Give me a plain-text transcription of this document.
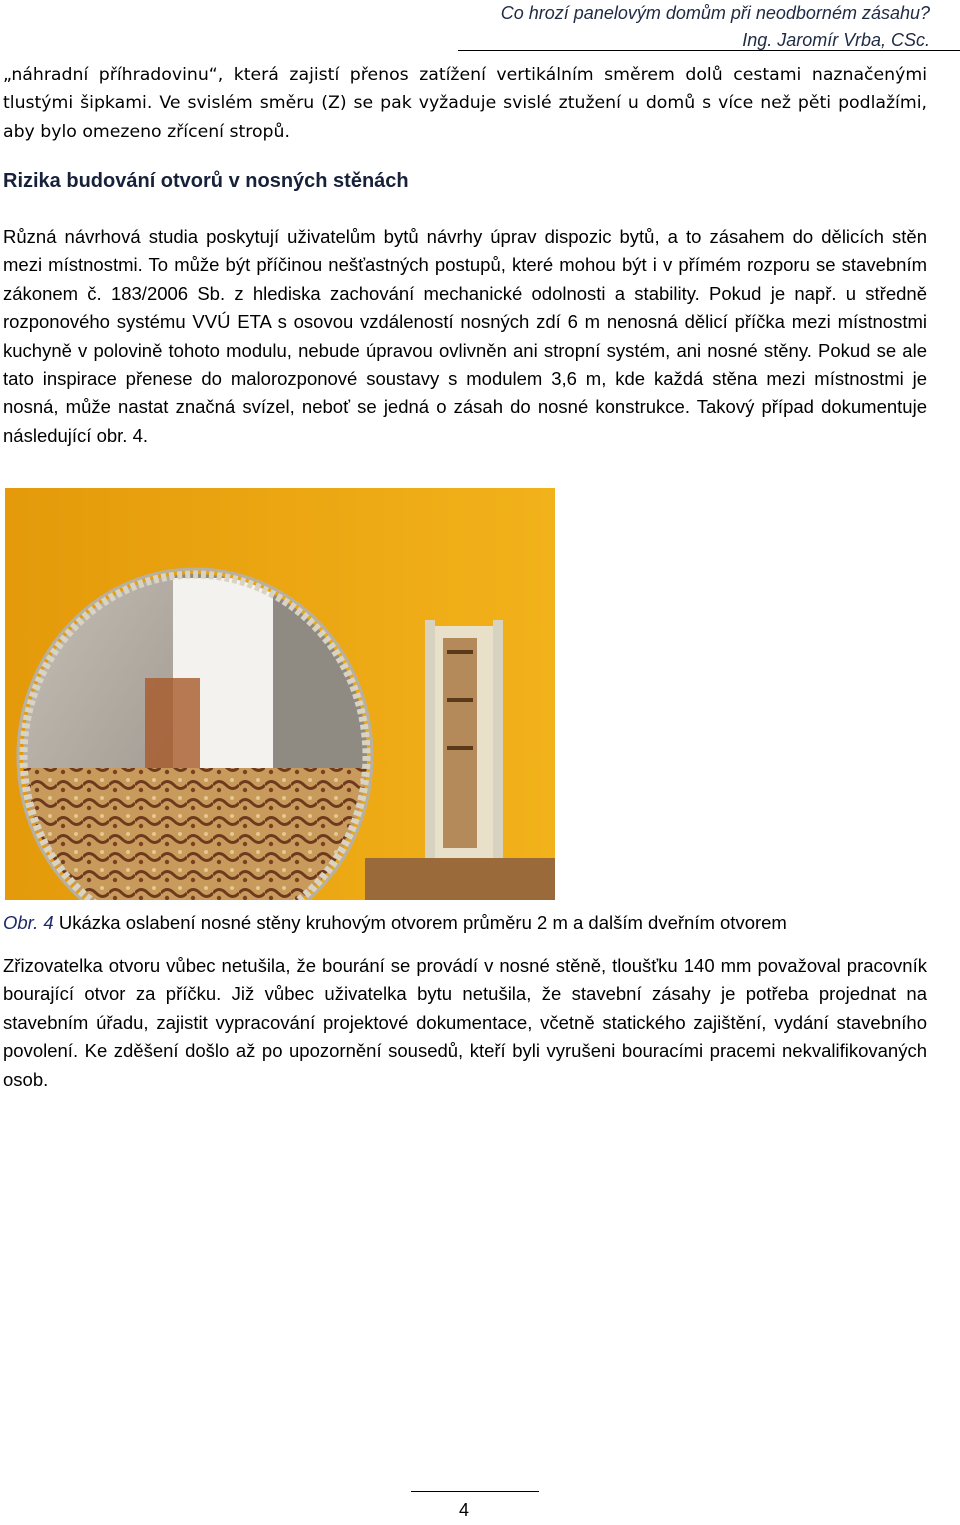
Co hrozí panelovým domům při neodborném zásahu?
Ing. Jaromír Vrba, CSc.

„náhradní příhradovinu“, která zajistí přenos zatížení vertikálním směrem dolů cestami naznačenými tlustými šipkami. Ve svislém směru (Z) se pak vyžaduje svislé ztužení u domů s více než pěti podlažími, aby bylo omezeno zřícení stropů.

Rizika budování otvorů v nosných stěnách

Různá návrhová studia poskytují uživatelům bytů návrhy úprav dispozic bytů, a to zásahem do dělicích stěn mezi místnostmi. To může být příčinou nešťastných postupů, které mohou být i v přímém rozporu se stavebním zákonem č. 183/2006 Sb. z hlediska zachování mechanické odolnosti a stability. Pokud je např. u středně rozponového systému VVÚ ETA s osovou vzdáleností nosných zdí 6 m nenosná dělicí příčka mezi místnostmi kuchyně v polovině tohoto modulu, nebude úpravou ovlivněn ani stropní systém, ani nosné stěny. Pokud se ale tato inspirace přenese do malorozponové soustavy s modulem 3,6 m, kde každá stěna mezi místnostmi je nosná, může nastat značná svízel, neboť se jedná o zásah do nosné konstrukce. Takový případ dokumentuje následující obr. 4.

Obr. 4 Ukázka oslabení nosné stěny kruhovým otvorem průměru 2 m a dalším dveřním otvorem

Zřizovatelka otvoru vůbec netušila, že bourání se provádí v nosné stěně, tloušťku 140 mm považoval pracovník bourající otvor za příčku. Již vůbec uživatelka bytu netušila, že stavební zásahy je potřeba projednat na stavebním úřadu, zajistit vypracování projektové dokumentace, včetně statického zajištění, vydání stavebního povolení. Ke zděšení došlo až po upozornění sousedů, kteří byli vyrušeni bouracími pracemi nekvalifikovaných osob.

4
